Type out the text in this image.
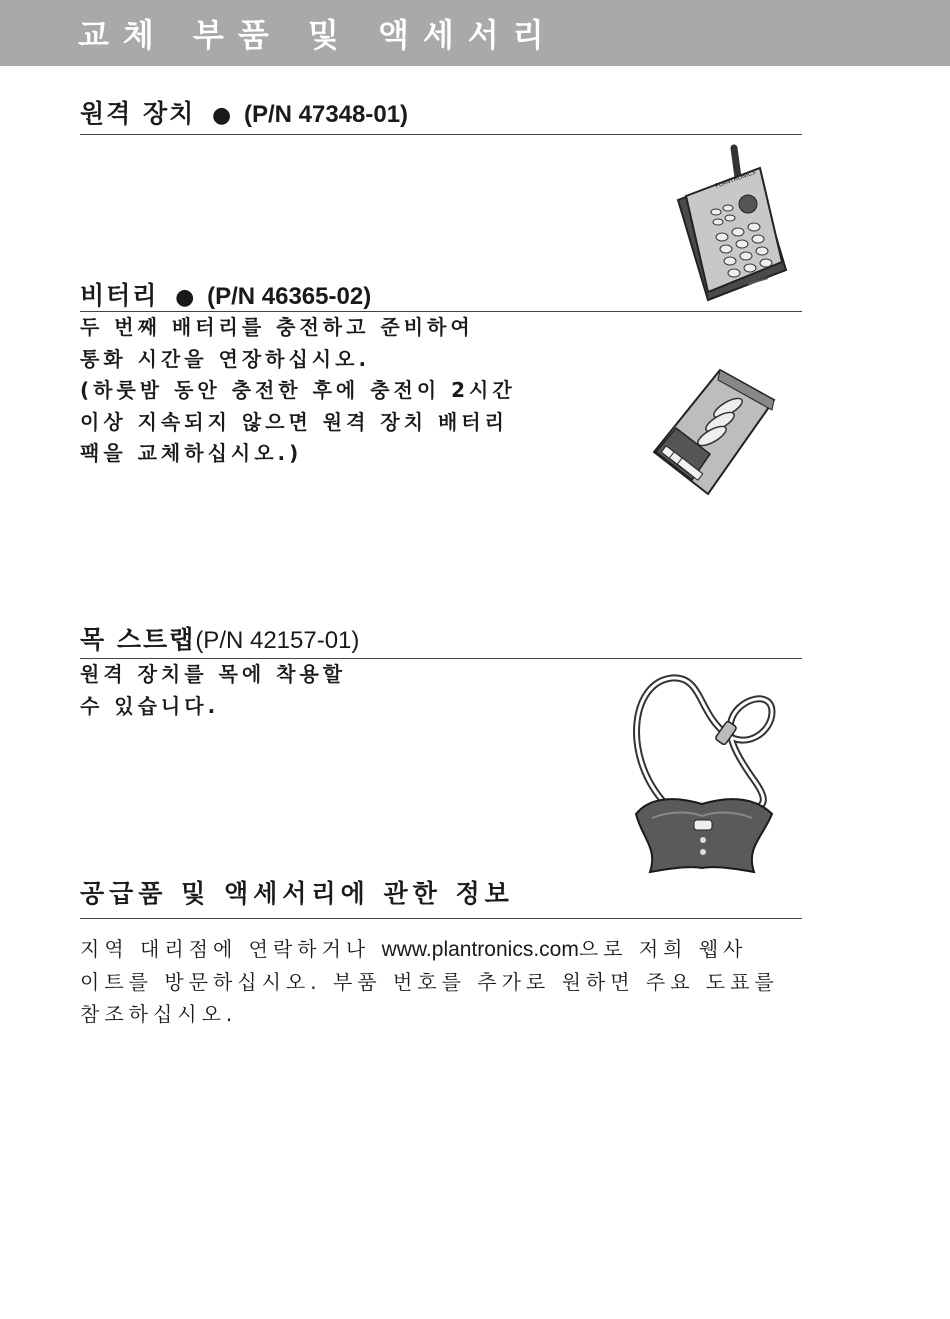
교체 부품 및 액세서리
원격 장치 ● (P/N 47348-01)
PLANTRONICS
비터리 ● (P/N 46365-02)
두 번째 배터리를 충전하고 준비하여
통화 시간을 연장하십시오.
(하룻밤 동안 충전한 후에 충전이 2시간
이상 지속되지 않으면 원격 장치 배터리
팩을 교체하십시오.)
목 스트랩(P/N 42157-01)
원격 장치를 목에 착용할
수 있습니다.
공급품 및 액세서리에 관한 정보
지역 대리점에 연락하거나 www.plantronics.com으로 저희 웹사
이트를 방문하십시오. 부품 번호를 추가로 원하면 주요 도표를
참조하십시오.
